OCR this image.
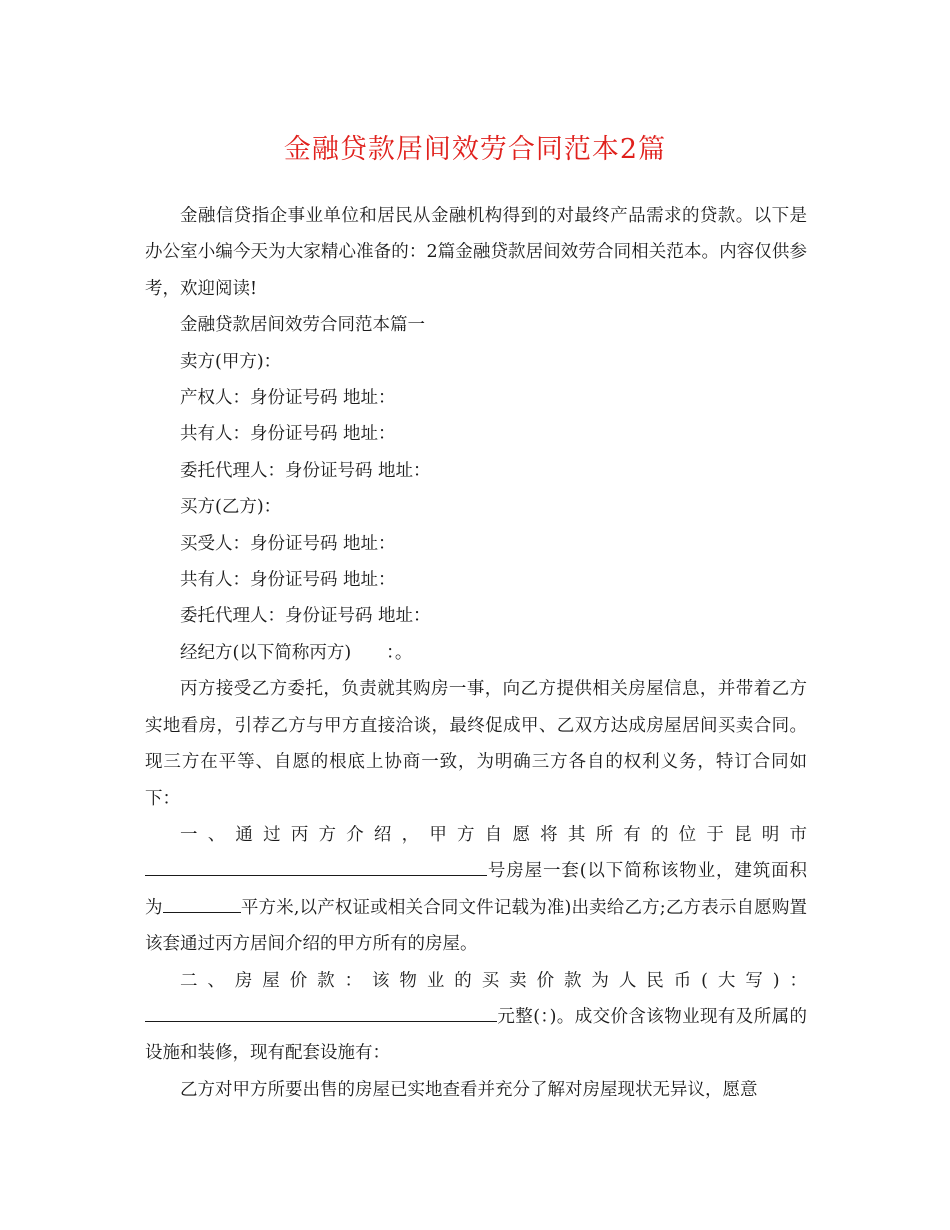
金融贷款居间效劳合同范本2篇

金融信贷指企事业单位和居民从金融机构得到的对最终产品需求的贷款。以下是办公室小编今天为大家精心准备的：2篇金融贷款居间效劳合同相关范本。内容仅供参考，欢迎阅读!

金融贷款居间效劳合同范本篇一

卖方(甲方)：

产权人：身份证号码 地址：

共有人：身份证号码 地址：

委托代理人：身份证号码 地址：

买方(乙方)：

买受人：身份证号码 地址：

共有人：身份证号码 地址：

委托代理人：身份证号码 地址：

经纪方(以下简称丙方)　　：。

丙方接受乙方委托，负责就其购房一事，向乙方提供相关房屋信息，并带着乙方实地看房，引荐乙方与甲方直接洽谈，最终促成甲、乙双方达成房屋居间买卖合同。现三方在平等、自愿的根底上协商一致，为明确三方各自的权利义务，特订合同如下：

一、通过丙方介绍，甲方自愿将其所有的位于昆明市号房屋一套(以下简称该物业，建筑面积为	平方米,以产权证或相关合同文件记载为准)出卖给乙方;乙方表示自愿购置该套通过丙方居间介绍的甲方所有的房屋。

二、房屋价款：该物业的买卖价款为人民币(大写)：元整(：)。成交价含该物业现有及所属的设施和装修，现有配套设施有：

乙方对甲方所要出售的房屋已实地查看并充分了解对房屋现状无异议，愿意
